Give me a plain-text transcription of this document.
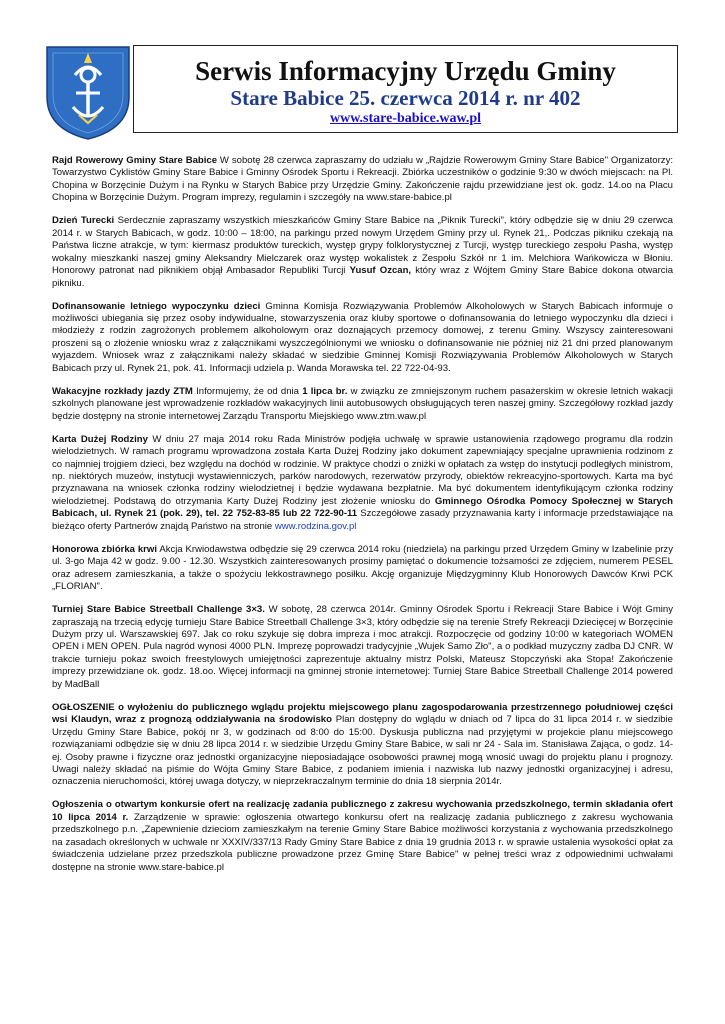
Serwis Informacyjny Urzędu Gminy
Stare Babice 25. czerwca 2014 r. nr 402
www.stare-babice.waw.pl

Rajd Rowerowy Gminy Stare Babice W sobotę 28 czerwca zapraszamy do udziału w „Rajdzie Rowerowym Gminy Stare Babice" Organizatorzy: Towarzystwo Cyklistów Gminy Stare Babice i Gminny Ośrodek Sportu i Rekreacji. Zbiórka uczestników o godzinie 9:30 w dwóch miejscach: na Pl. Chopina w Borzęcinie Dużym i na Rynku w Starych Babice przy Urzędzie Gminy. Zakończenie rajdu przewidziane jest ok. godz. 14.oo na Placu Chopina w Borzęcinie Dużym. Program imprezy, regulamin i szczegóły na www.stare-babice.pl

Dzień Turecki Serdecznie zapraszamy wszystkich mieszkańców Gminy Stare Babice na „Piknik Turecki", który odbędzie się w dniu 29 czerwca 2014 r. w Starych Babicach, w godz. 10:00 – 18:00, na parkingu przed nowym Urzędem Gminy przy ul. Rynek 21,. Podczas pikniku czekają na Państwa liczne atrakcje, w tym: kiermasz produktów tureckich, występ grypy folklorystycznej z Turcji, występ tureckiego zespołu Pasha, występ wokalny mieszkanki naszej gminy Aleksandry Mielczarek oraz występ wokalistek z Zespołu Szkół nr 1 im. Melchiora Wańkowicza w Błoniu. Honorowy patronat nad piknikiem objął Ambasador Republiki Turcji Yusuf Ozcan, który wraz z Wójtem Gminy Stare Babice dokona otwarcia pikniku.

Dofinansowanie letniego wypoczynku dzieci Gminna Komisja Rozwiązywania Problemów Alkoholowych w Starych Babicach informuje o możliwości ubiegania się przez osoby indywidualne, stowarzyszenia oraz kluby sportowe o dofinansowania do letniego wypoczynku dla dzieci i młodzieży z rodzin zagrożonych problemem alkoholowym oraz doznających przemocy domowej, z terenu Gminy. Wszyscy zainteresowani proszeni są o złożenie wniosku wraz z załącznikami wyszczególnionymi we wniosku o dofinansowanie nie później niż 21 dni przed planowanym wyjazdem. Wniosek wraz z załącznikami należy składać w siedzibie Gminnej Komisji Rozwiązywania Problemów Alkoholowych w Starych Babicach przy ul. Rynek 21, pok. 41. Informacji udziela p. Wanda Morawska tel. 22 722-04-93.

Wakacyjne rozkłady jazdy ZTM Informujemy, że od dnia 1 lipca br. w związku ze zmniejszonym ruchem pasażerskim w okresie letnich wakacji szkolnych planowane jest wprowadzenie rozkładów wakacyjnych linii autobusowych obsługujących teren naszej gminy. Szczegółowy rozkład jazdy będzie dostępny na stronie internetowej Zarządu Transportu Miejskiego www.ztm.waw.pl

Karta Dużej Rodziny W dniu 27 maja 2014 roku Rada Ministrów podjęła uchwałę w sprawie ustanowienia rządowego programu dla rodzin wielodzietnych. W ramach programu wprowadzona została Karta Dużej Rodziny jako dokument zapewniający specjalne uprawnienia rodzinom z co najmniej trojgiem dzieci, bez względu na dochód w rodzinie. W praktyce chodzi o zniżki w opłatach za wstęp do instytucji podległych ministrom, np. niektórych muzeów, instytucji wystawienniczych, parków narodowych, rezerwatów przyrody, obiektów rekreacyjno-sportowych. Karta ma być przyznawana na wniosek członka rodziny wielodzietnej i będzie wydawana bezpłatnie. Ma być dokumentem identyfikującym członka rodziny wielodzietnej. Podstawą do otrzymania Karty Dużej Rodziny jest złożenie wniosku do Gminnego Ośrodka Pomocy Społecznej w Starych Babicach, ul. Rynek 21 (pok. 29), tel. 22 752-83-85 lub 22 722-90-11 Szczegółowe zasady przyznawania karty i informacje przedstawiające na bieżąco oferty Partnerów znajdą Państwo na stronie www.rodzina.gov.pl

Honorowa zbiórka krwi Akcja Krwiodawstwa odbędzie się 29 czerwca 2014 roku (niedziela) na parkingu przed Urzędem Gminy w Izabelinie przy ul. 3-go Maja 42 w godz. 9.00 - 12.30. Wszystkich zainteresowanych prosimy pamiętać o dokumencie tożsamości ze zdjęciem, numerem PESEL oraz adresem zamieszkania, a także o spożyciu lekkostrawnego posiłku. Akcję organizuje Międzygminny Klub Honorowych Dawców Krwi PCK „FLORIAN".

Turniej Stare Babice Streetball Challenge 3×3. W sobotę, 28 czerwca 2014r. Gminny Ośrodek Sportu i Rekreacji Stare Babice i Wójt Gminy zapraszają na trzecią edycję turnieju Stare Babice Streetball Challenge 3×3, który odbędzie się na terenie Strefy Rekreacji Dziecięcej w Borzęcinie Dużym przy ul. Warszawskiej 697. Jak co roku szykuje się dobra impreza i moc atrakcji. Rozpoczęcie od godziny 10:00 w kategoriach WOMEN OPEN i MEN OPEN. Pula nagród wynosi 4000 PLN. Imprezę poprowadzi tradycyjnie „Wujek Samo Zło", a o podkład muzyczny zadba DJ CNR. W trakcie turnieju pokaz swoich freestylowych umiejętności zaprezentuje aktualny mistrz Polski, Mateusz Stopczyński aka Stopa! Zakończenie imprezy przewidziane ok. godz. 18.oo. Więcej informacji na gminnej stronie internetowej: Turniej Stare Babice Streetball Challenge 2014 powered by MadBall

OGŁOSZENIE o wyłożeniu do publicznego wglądu projektu miejscowego planu zagospodarowania przestrzennego południowej części wsi Klaudyn, wraz z prognozą oddziaływania na środowisko Plan dostępny do wglądu w dniach od 7 lipca do 31 lipca 2014 r. w siedzibie Urzędu Gminy Stare Babice, pokój nr 3, w godzinach od 8:00 do 15:00. Dyskusja publiczna nad przyjętymi w projekcie planu miejscowego rozwiązaniami odbędzie się w dniu 28 lipca 2014 r. w siedzibie Urzędu Gminy Stare Babice, w sali nr 24 - Sala im. Stanisława Zająca, o godz. 14-ej. Osoby prawne i fizyczne oraz jednostki organizacyjne nieposiadające osobowości prawnej mogą wnosić uwagi do projektu planu i prognozy. Uwagi należy składać na piśmie do Wójta Gminy Stare Babice, z podaniem imienia i nazwiska lub nazwy jednostki organizacyjnej i adresu, oznaczenia nieruchomości, której uwaga dotyczy, w nieprzekraczalnym terminie do dnia 18 sierpnia 2014r.

Ogłoszenia o otwartym konkursie ofert na realizację zadania publicznego z zakresu wychowania przedszkolnego, termin składania ofert 10 lipca 2014 r. Zarządzenie w sprawie: ogłoszenia otwartego konkursu ofert na realizację zadania publicznego z zakresu wychowania przedszkolnego p.n. „Zapewnienie dzieciom zamieszkałym na terenie Gminy Stare Babice możliwości korzystania z wychowania przedszkolnego na zasadach określonych w uchwale nr XXXIV/337/13 Rady Gminy Stare Babice z dnia 19 grudnia 2013 r. w sprawie ustalenia wysokości opłat za świadczenia udzielane przez przedszkola publiczne prowadzone przez Gminę Stare Babice" w pełnej treści wraz z odpowiednimi uchwałami dostępne na stronie www.stare-babice.pl
